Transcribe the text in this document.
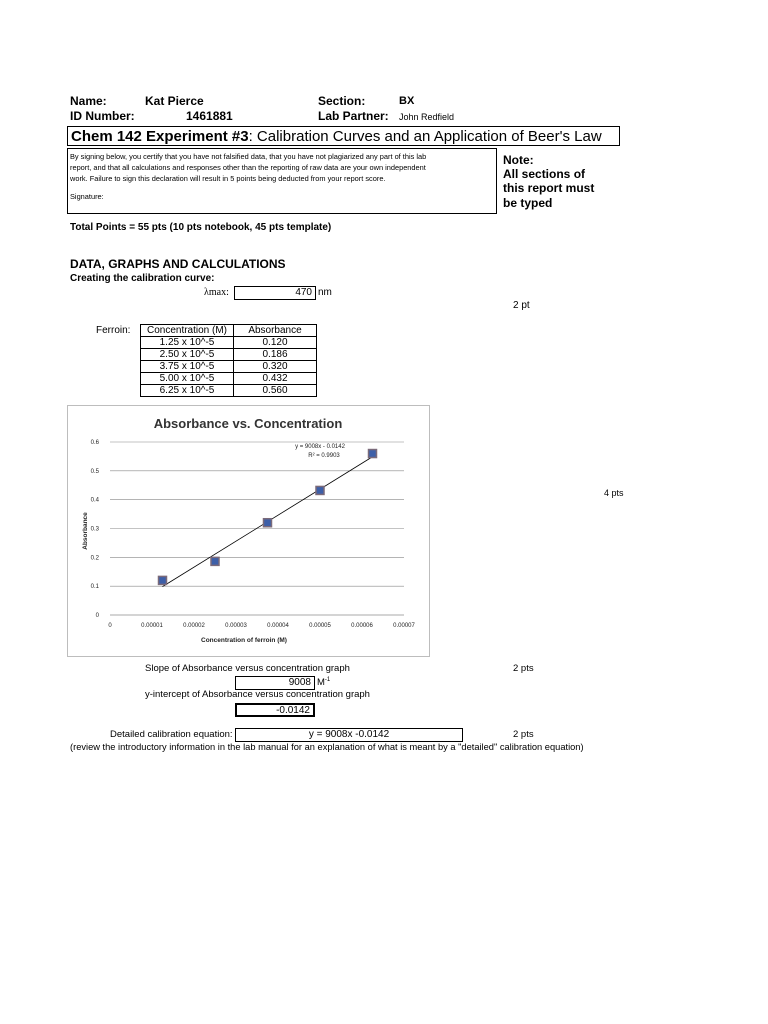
Name:	Kat Pierce	Section:	BX
ID Number:	1461881	Lab Partner: John Redfield
Chem 142 Experiment #3: Calibration Curves and an Application of Beer's Law
By signing below, you certify that you have not falsified data, that you have not plagiarized any part of this lab
report, and that all calculations and responses other than the reporting of raw data are your own independent
work. Failure to sign this declaration will result in 5 points being deducted from your report score.
Signature:
Note:
All sections of
this report must
be typed
Total Points = 55 pts (10 pts notebook, 45 pts template)
DATA, GRAPHS AND CALCULATIONS
Creating the calibration curve:
λmax:	470 nm
2 pt
Ferroin: Concentration (M)	Absorbance
1.25 x 10^-5	0.120
2.50 x 10^-5	0.186
3.75 x 10^-5	0.320
5.00 x 10^-5	0.432
6.25 x 10^-5	0.560
Absorbance vs. Concentration
0
0.1
0.2
0.3
0.4
0.5
0.6
0	0.00001	0.00002	0.00003	0.00004	0.00005	0.00006	0.00007
y = 9008x - 0.0142
R² = 0.9903
Concentration of ferroin (M)
Absorbance
4 pts
Slope of Absorbance versus concentration graph	2 pts
9008 $M^{-1}$
y-intercept of Absorbance versus concentration graph
-0.0142
Detailed calibration equation:	y = 9008x -0.0142	2 pts
(review the introductory information in the lab manual for an explanation of what is meant by a "detailed" calibration equation)
